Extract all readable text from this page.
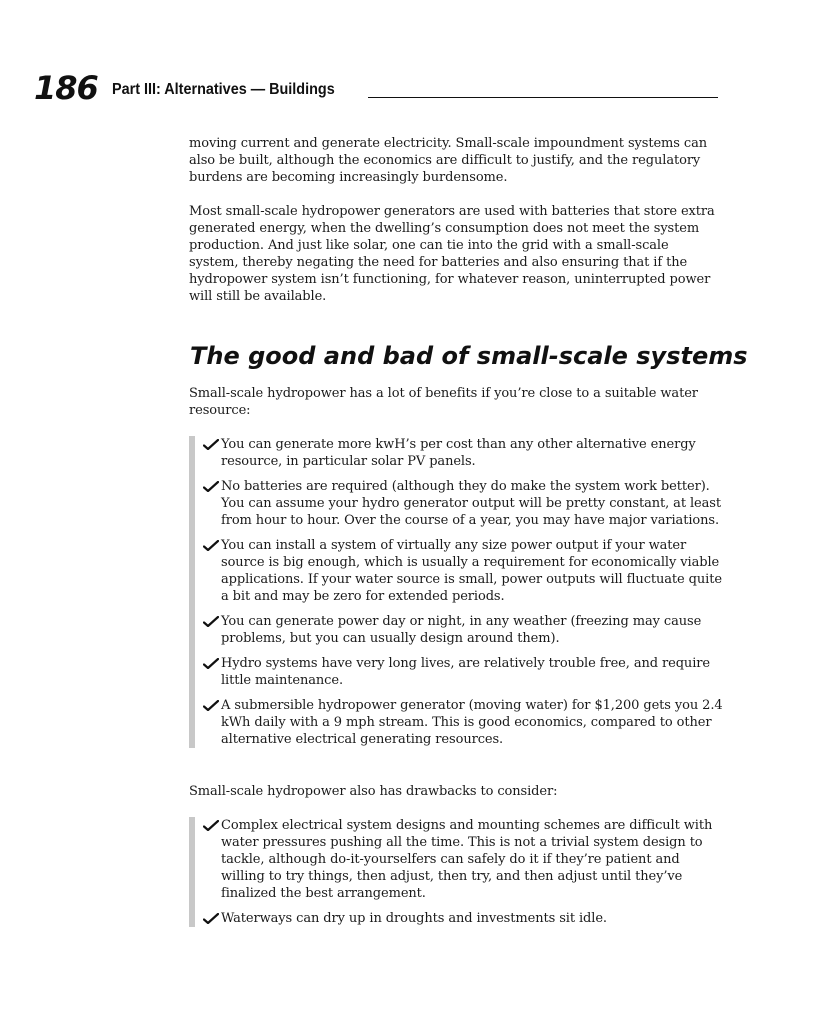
186 Part III: Alternatives — Buildings

moving current and generate electricity. Small-scale impoundment systems can also be built, although the economics are difficult to justify, and the regulatory burdens are becoming increasingly burdensome.

Most small-scale hydropower generators are used with batteries that store extra generated energy, when the dwelling’s consumption does not meet the system production. And just like solar, one can tie into the grid with a small-scale system, thereby negating the need for batteries and also ensuring that if the hydropower system isn’t functioning, for whatever reason, uninterrupted power will still be available.

The good and bad of small-scale systems

Small-scale hydropower has a lot of benefits if you’re close to a suitable water resource:

You can generate more kwH’s per cost than any other alternative energy resource, in particular solar PV panels.
No batteries are required (although they do make the system work better). You can assume your hydro generator output will be pretty constant, at least from hour to hour. Over the course of a year, you may have major variations.
You can install a system of virtually any size power output if your water source is big enough, which is usually a requirement for economically viable applications. If your water source is small, power outputs will fluctuate quite a bit and may be zero for extended periods.
You can generate power day or night, in any weather (freezing may cause problems, but you can usually design around them).
Hydro systems have very long lives, are relatively trouble free, and require little maintenance.
A submersible hydropower generator (moving water) for $1,200 gets you 2.4 kWh daily with a 9 mph stream. This is good economics, compared to other alternative electrical generating resources.

Small-scale hydropower also has drawbacks to consider:

Complex electrical system designs and mounting schemes are difficult with water pressures pushing all the time. This is not a trivial system design to tackle, although do-it-yourselfers can safely do it if they’re patient and willing to try things, then adjust, then try, and then adjust until they’ve finalized the best arrangement.
Waterways can dry up in droughts and investments sit idle.
